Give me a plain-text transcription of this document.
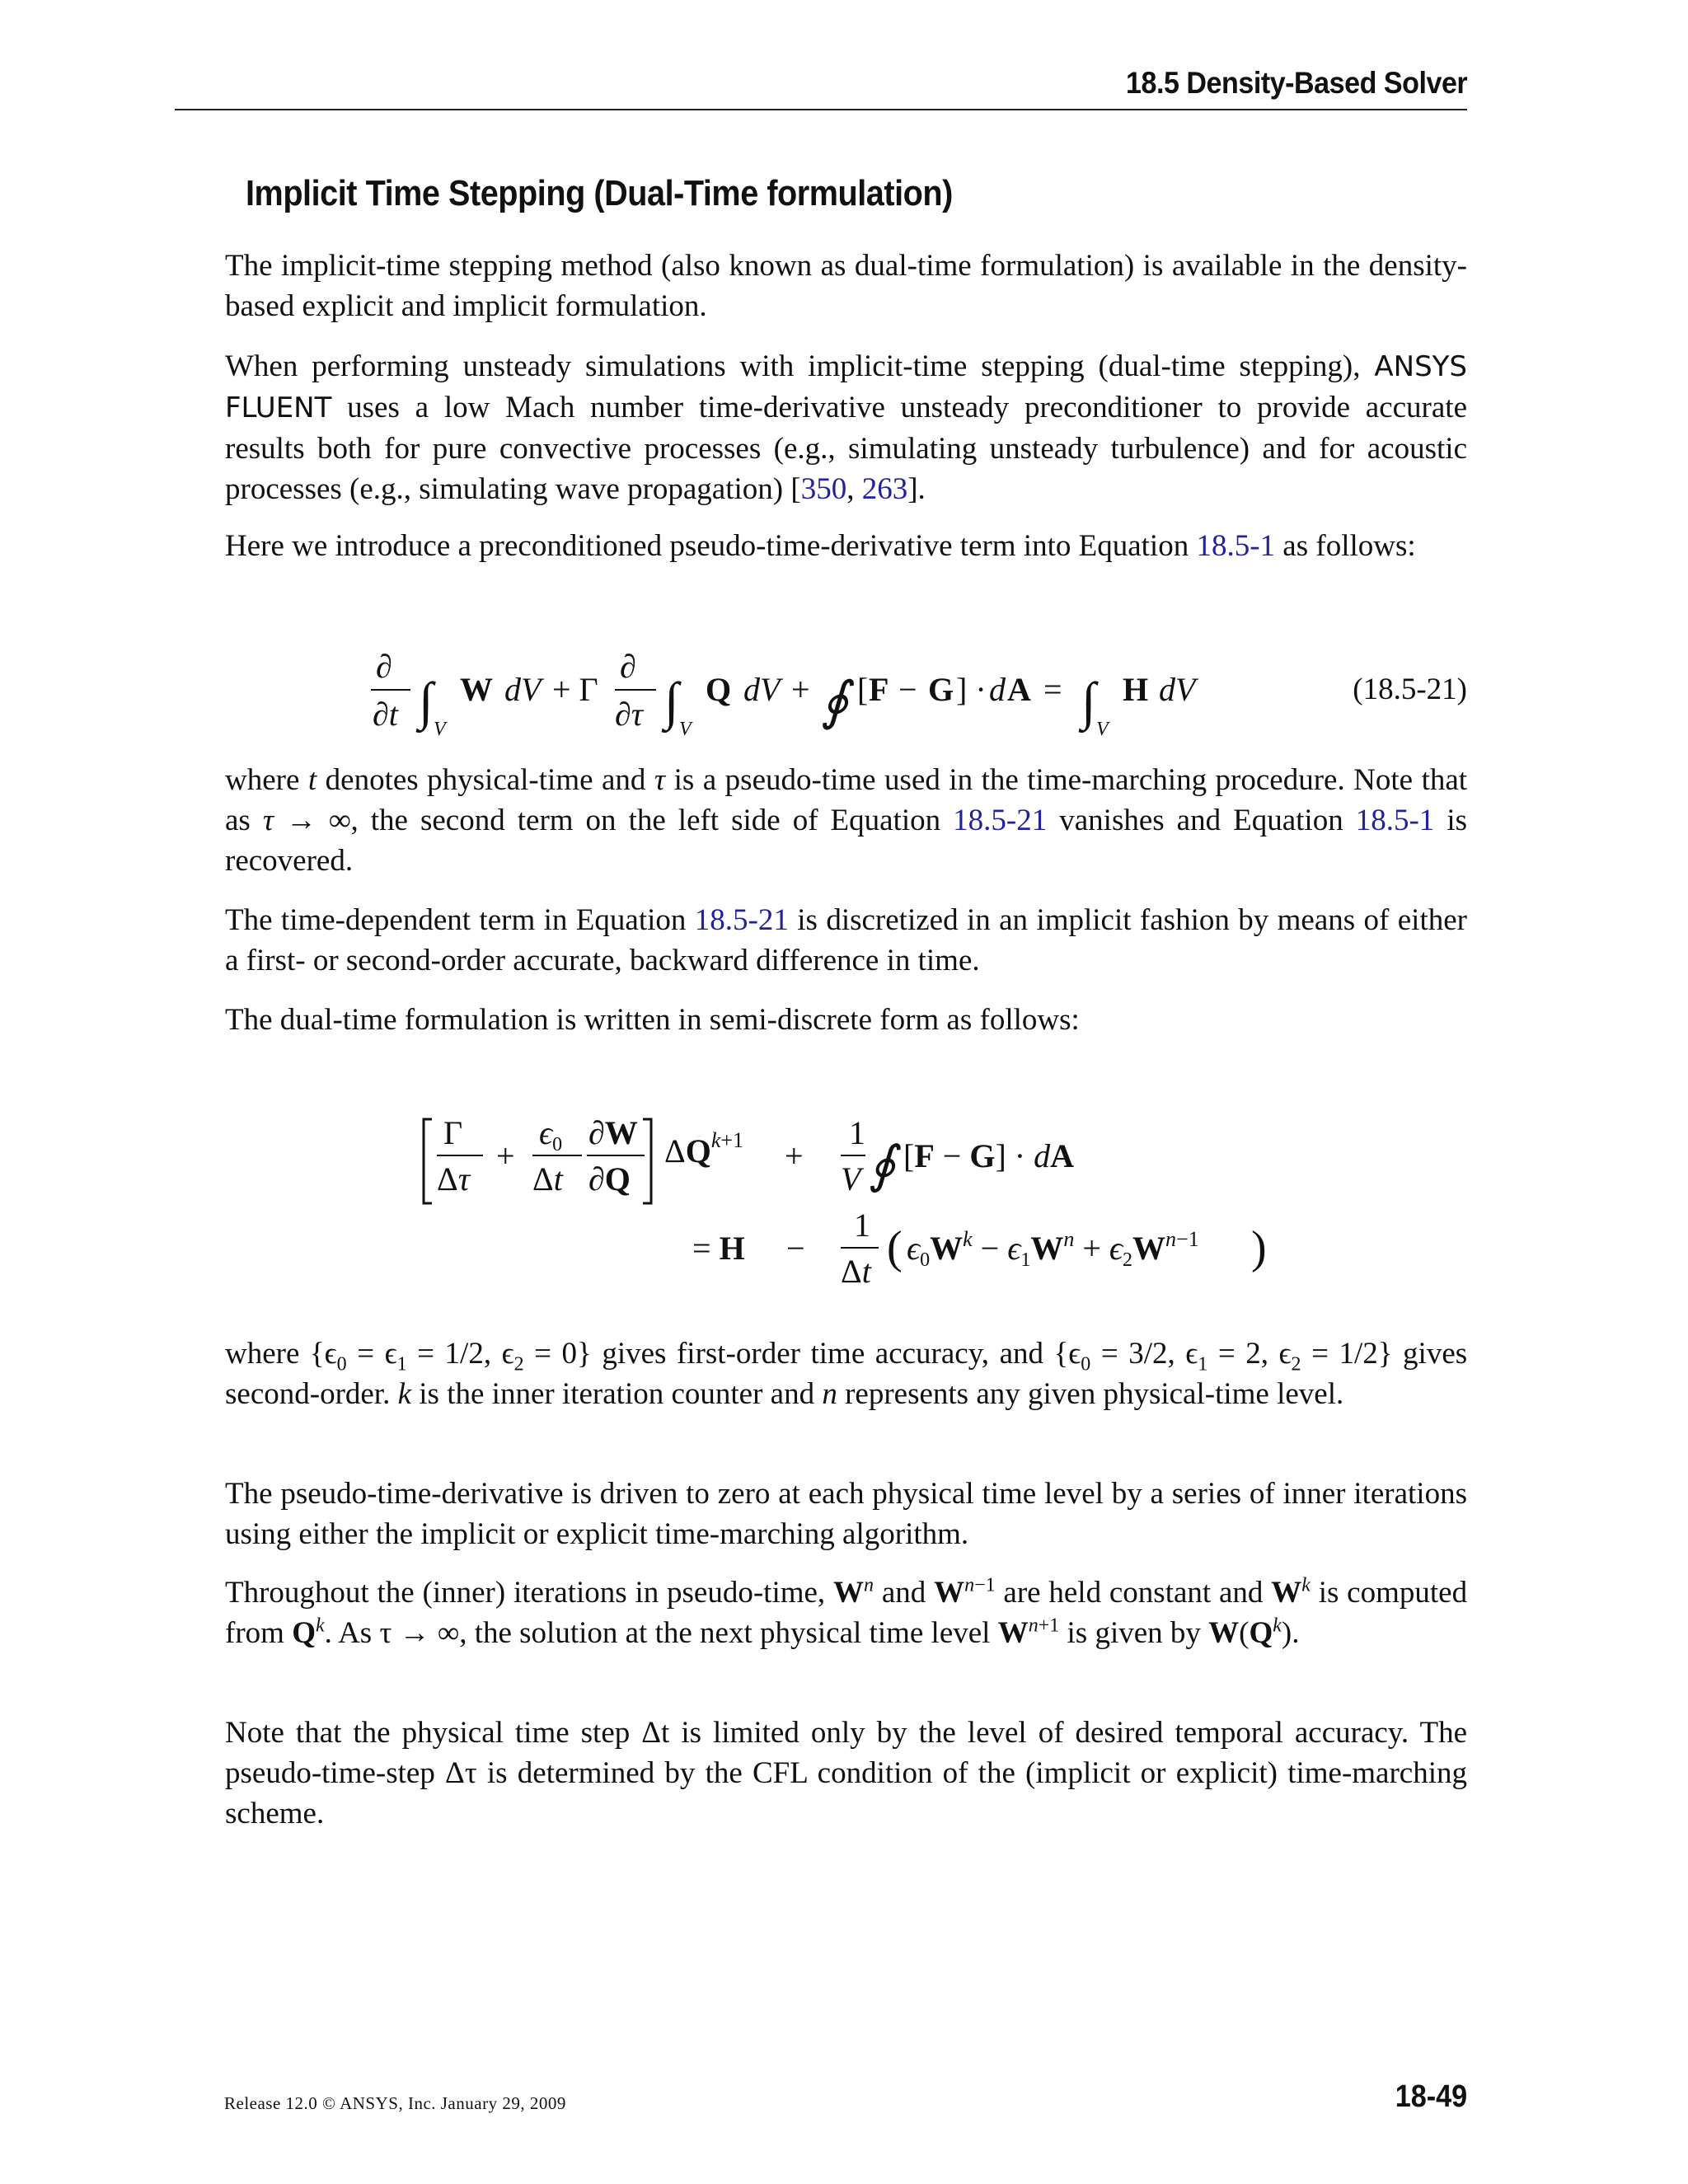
18.5 Density-Based Solver
Implicit Time Stepping (Dual-Time formulation)

The implicit-time stepping method (also known as dual-time formulation) is available in the density-based explicit and implicit formulation.

When performing unsteady simulations with implicit-time stepping (dual-time stepping), ANSYS FLUENT uses a low Mach number time-derivative unsteady preconditioner to provide accurate results both for pure convective processes (e.g., simulating unsteady turbulence) and for acoustic processes (e.g., simulating wave propagation) [350, 263].

Here we introduce a preconditioned pseudo-time-derivative term into Equation 18.5-1 as follows:

∂
∂t ∫ V
W dV + Γ
∂
∂τ ∫ V
Q dV + ∮ [ F − G ] · d A = ∫ V
H dV	(18.5-21)

where t denotes physical-time and τ is a pseudo-time used in the time-marching procedure. Note that as τ → ∞, the second term on the left side of Equation 18.5-21 vanishes and Equation 18.5-1 is recovered.

The time-dependent term in Equation 18.5-21 is discretized in an implicit fashion by means of either a first- or second-order accurate, backward difference in time.

The dual-time formulation is written in semi-discrete form as follows:

Γ
Δτ
+
$\epsilon_0$
Δt
∂W
∂Q
$\Delta Q^k+1$ +
1
V ∮ [F − G] · dA
= H −
1
Δt ( $\epsilon_0W^k - \epsilon_1W^n + \epsilon_2W^n-1$ )

where {$\epsilon_0 = \epsilon_1 = 1/2$, $\epsilon_2 = 0$} gives first-order time accuracy, and {$\epsilon_0 = 3/2$, $\epsilon_1 = 2$, $\epsilon_2 = 1/2$} gives second-order. k is the inner iteration counter and n represents any given physical-time level.

The pseudo-time-derivative is driven to zero at each physical time level by a series of inner iterations using either the implicit or explicit time-marching algorithm.

Throughout the (inner) iterations in pseudo-time, $W^n$ and $W^{n-1}$ are held constant and $W^k$ is computed from $Q^k$. As τ → ∞, the solution at the next physical time level $W^{n+1}$ is given by $W(Q^k)$.

Note that the physical time step Δt is limited only by the level of desired temporal accuracy. The pseudo-time-step Δτ is determined by the CFL condition of the (implicit or explicit) time-marching scheme.

Release 12.0 © ANSYS, Inc. January 29, 2009	18-49
